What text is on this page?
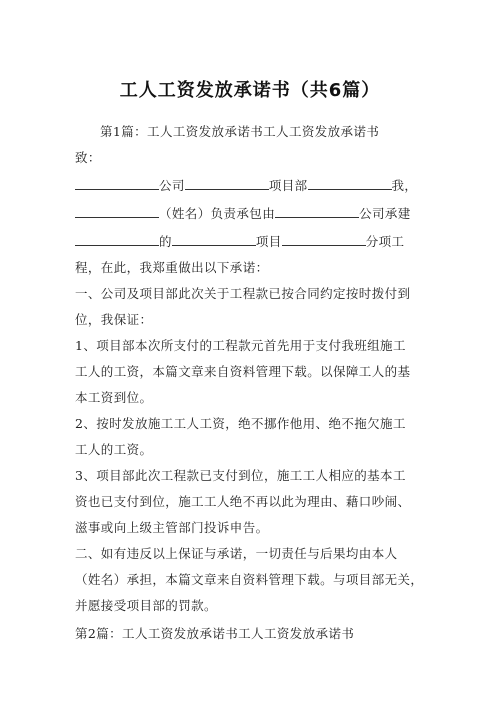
工人工资发放承诺书（共6篇）
第1篇：工人工资发放承诺书工人工资发放承诺书
致：
公司	项目部	我，
（姓名）负责承包由	公司承建
的	项目	分项工
程，在此，我郑重做出以下承诺：
一、公司及项目部此次关于工程款已按合同约定按时拨付到
位，我保证：
1、项目部本次所支付的工程款元首先用于支付我班组施工
工人的工资，本篇文章来自资料管理下载。以保障工人的基
本工资到位。
2、按时发放施工工人工资，绝不挪作他用、绝不拖欠施工
工人的工资。
3、项目部此次工程款已支付到位，施工工人相应的基本工
资也已支付到位，施工工人绝不再以此为理由、藉口吵闹、
滋事或向上级主管部门投诉申告。
二、如有违反以上保证与承诺，一切责任与后果均由本人
（姓名）承担，本篇文章来自资料管理下载。与项目部无关，
并愿接受项目部的罚款。
第2篇：工人工资发放承诺书工人工资发放承诺书
